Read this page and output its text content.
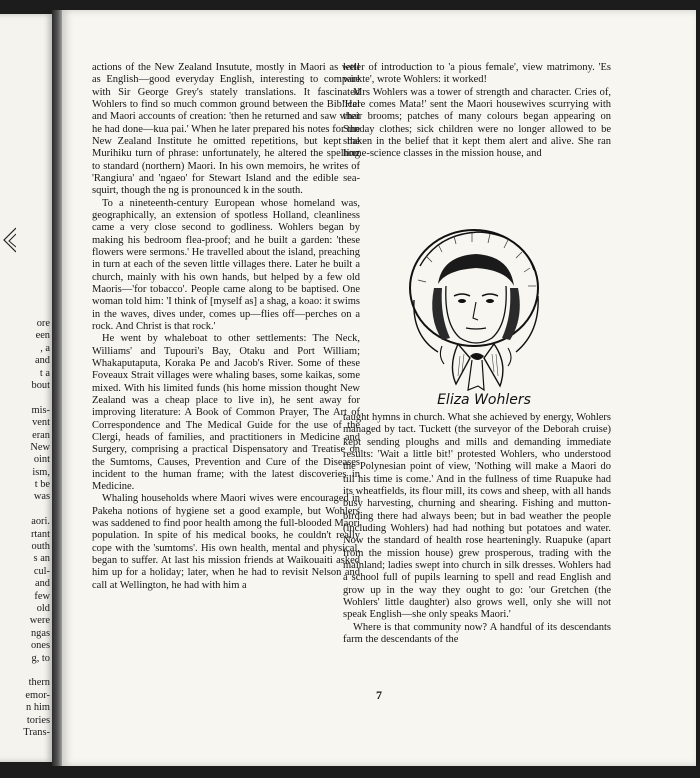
ore
een
, a
and
t a
bout
mis-
vent
eran
New
oint
ism,
t be
was
aori.
rtant
outh
s an
cul-
and
few
old
were
ngas
ones
g, to
thern
emor-
n him
tories
Trans-

actions of the New Zealand Insutute, mostly in Maori as well as English—good everyday English, interesting to compare with Sir George Grey's stately translations. It fascinated Wohlers to find so much common ground between the Biblical and Maori accounts of creation: 'then he returned and saw what he had done—kua pai.' When he later prepared his notes for the New Zealand Institute he omitted repetitions, but kept the Murihiku turn of phrase: unfortunately, he altered the spelling to standard (northern) Maori. In his own memoirs, he writes of 'Rangiura' and 'ngaeo' for Stewart Island and the edible sea-squirt, though the ng is pronounced k in the south.

To a nineteenth-century European whose homeland was, geographically, an extension of spotless Holland, cleanliness came a very close second to godliness. Wohlers began by making his bedroom flea-proof; and he built a garden: 'these flowers were sermons.' He travelled about the island, preaching in turn at each of the seven little villages there. Later he built a church, mainly with his own hands, but helped by a few old Maoris—'for tobacco'. People came along to be baptised. One woman told him: 'I think of [myself as] a shag, a koao: it swims in the waves, dives under, comes up—flies off—perches on a rock. And Christ is that rock.'

He went by whaleboat to other settlements: The Neck, Williams' and Tupouri's Bay, Otaku and Port William; Whakaputaputa, Koraka Pe and Jacob's River. Some of these Foveaux Strait villages were whaling bases, some kaikas, some mixed. With his limited funds (his home mission thought New Zealand was a cheap place to live in), he sent away for improving literature: A Book of Common Prayer, The Art of Correspondence and The Medical Guide for the use of the Clergi, heads of families, and practitioners in Medicine and Surgery, comprising a practical Dispensatory and Treatise on the Sumtoms, Causes, Prevention and Cure of the Diseases incident to the human frame; with the latest discoveries in Medicine.

Whaling households where Maori wives were encouraged in Pakeha notions of hygiene set a good example, but Wohlers was saddened to find poor health among the full-blooded Maori population. In spite of his medical books, he couldn't really cope with the 'sumtoms'. His own health, mental and physical, began to suffer. At last his mission friends at Waikouaiti asked him up for a holiday; later, when he had to revisit Nelson and call at Wellington, he had with him a

letter of introduction to 'a pious female', view matrimony. 'Es wirkte', wrote Wohlers: it worked!

Mrs Wohlers was a tower of strength and character. Cries of, 'Here comes Mata!' sent the Maori housewives scurrying with their brooms; patches of many colours began appearing on Sunday clothes; sick children were no longer allowed to be shaken in the belief that it kept them alert and alive. She ran home-science classes in the mission house, and

Eliza Wohlers

taught hymns in church. What she achieved by energy, Wohlers managed by tact. Tuckett (the surveyor of the Deborah cruise) kept sending ploughs and mills and demanding immediate results: 'Wait a little bit!' protested Wohlers, who understood the Polynesian point of view, 'Nothing will make a Maori do till his time is come.' And in the fullness of time Ruapuke had its wheatfields, its flour mill, its cows and sheep, with all hands busy harvesting, churning and shearing. Fishing and mutton-birding there had always been; but in bad weather the people (including Wohlers) had had nothing but potatoes and water. Now the standard of health rose hearteningly. Ruapuke (apart from the mission house) grew prosperous, trading with the mainland; ladies swept into church in silk dresses. Wohlers had a school full of pupils learning to spell and read English and grow up in the way they ought to go: 'our Gretchen (the Wohlers' little daughter) also grows well, only she will not speak English—she only speaks Maori.'

Where is that community now? A handful of its descendants farm the descendants of the

7
